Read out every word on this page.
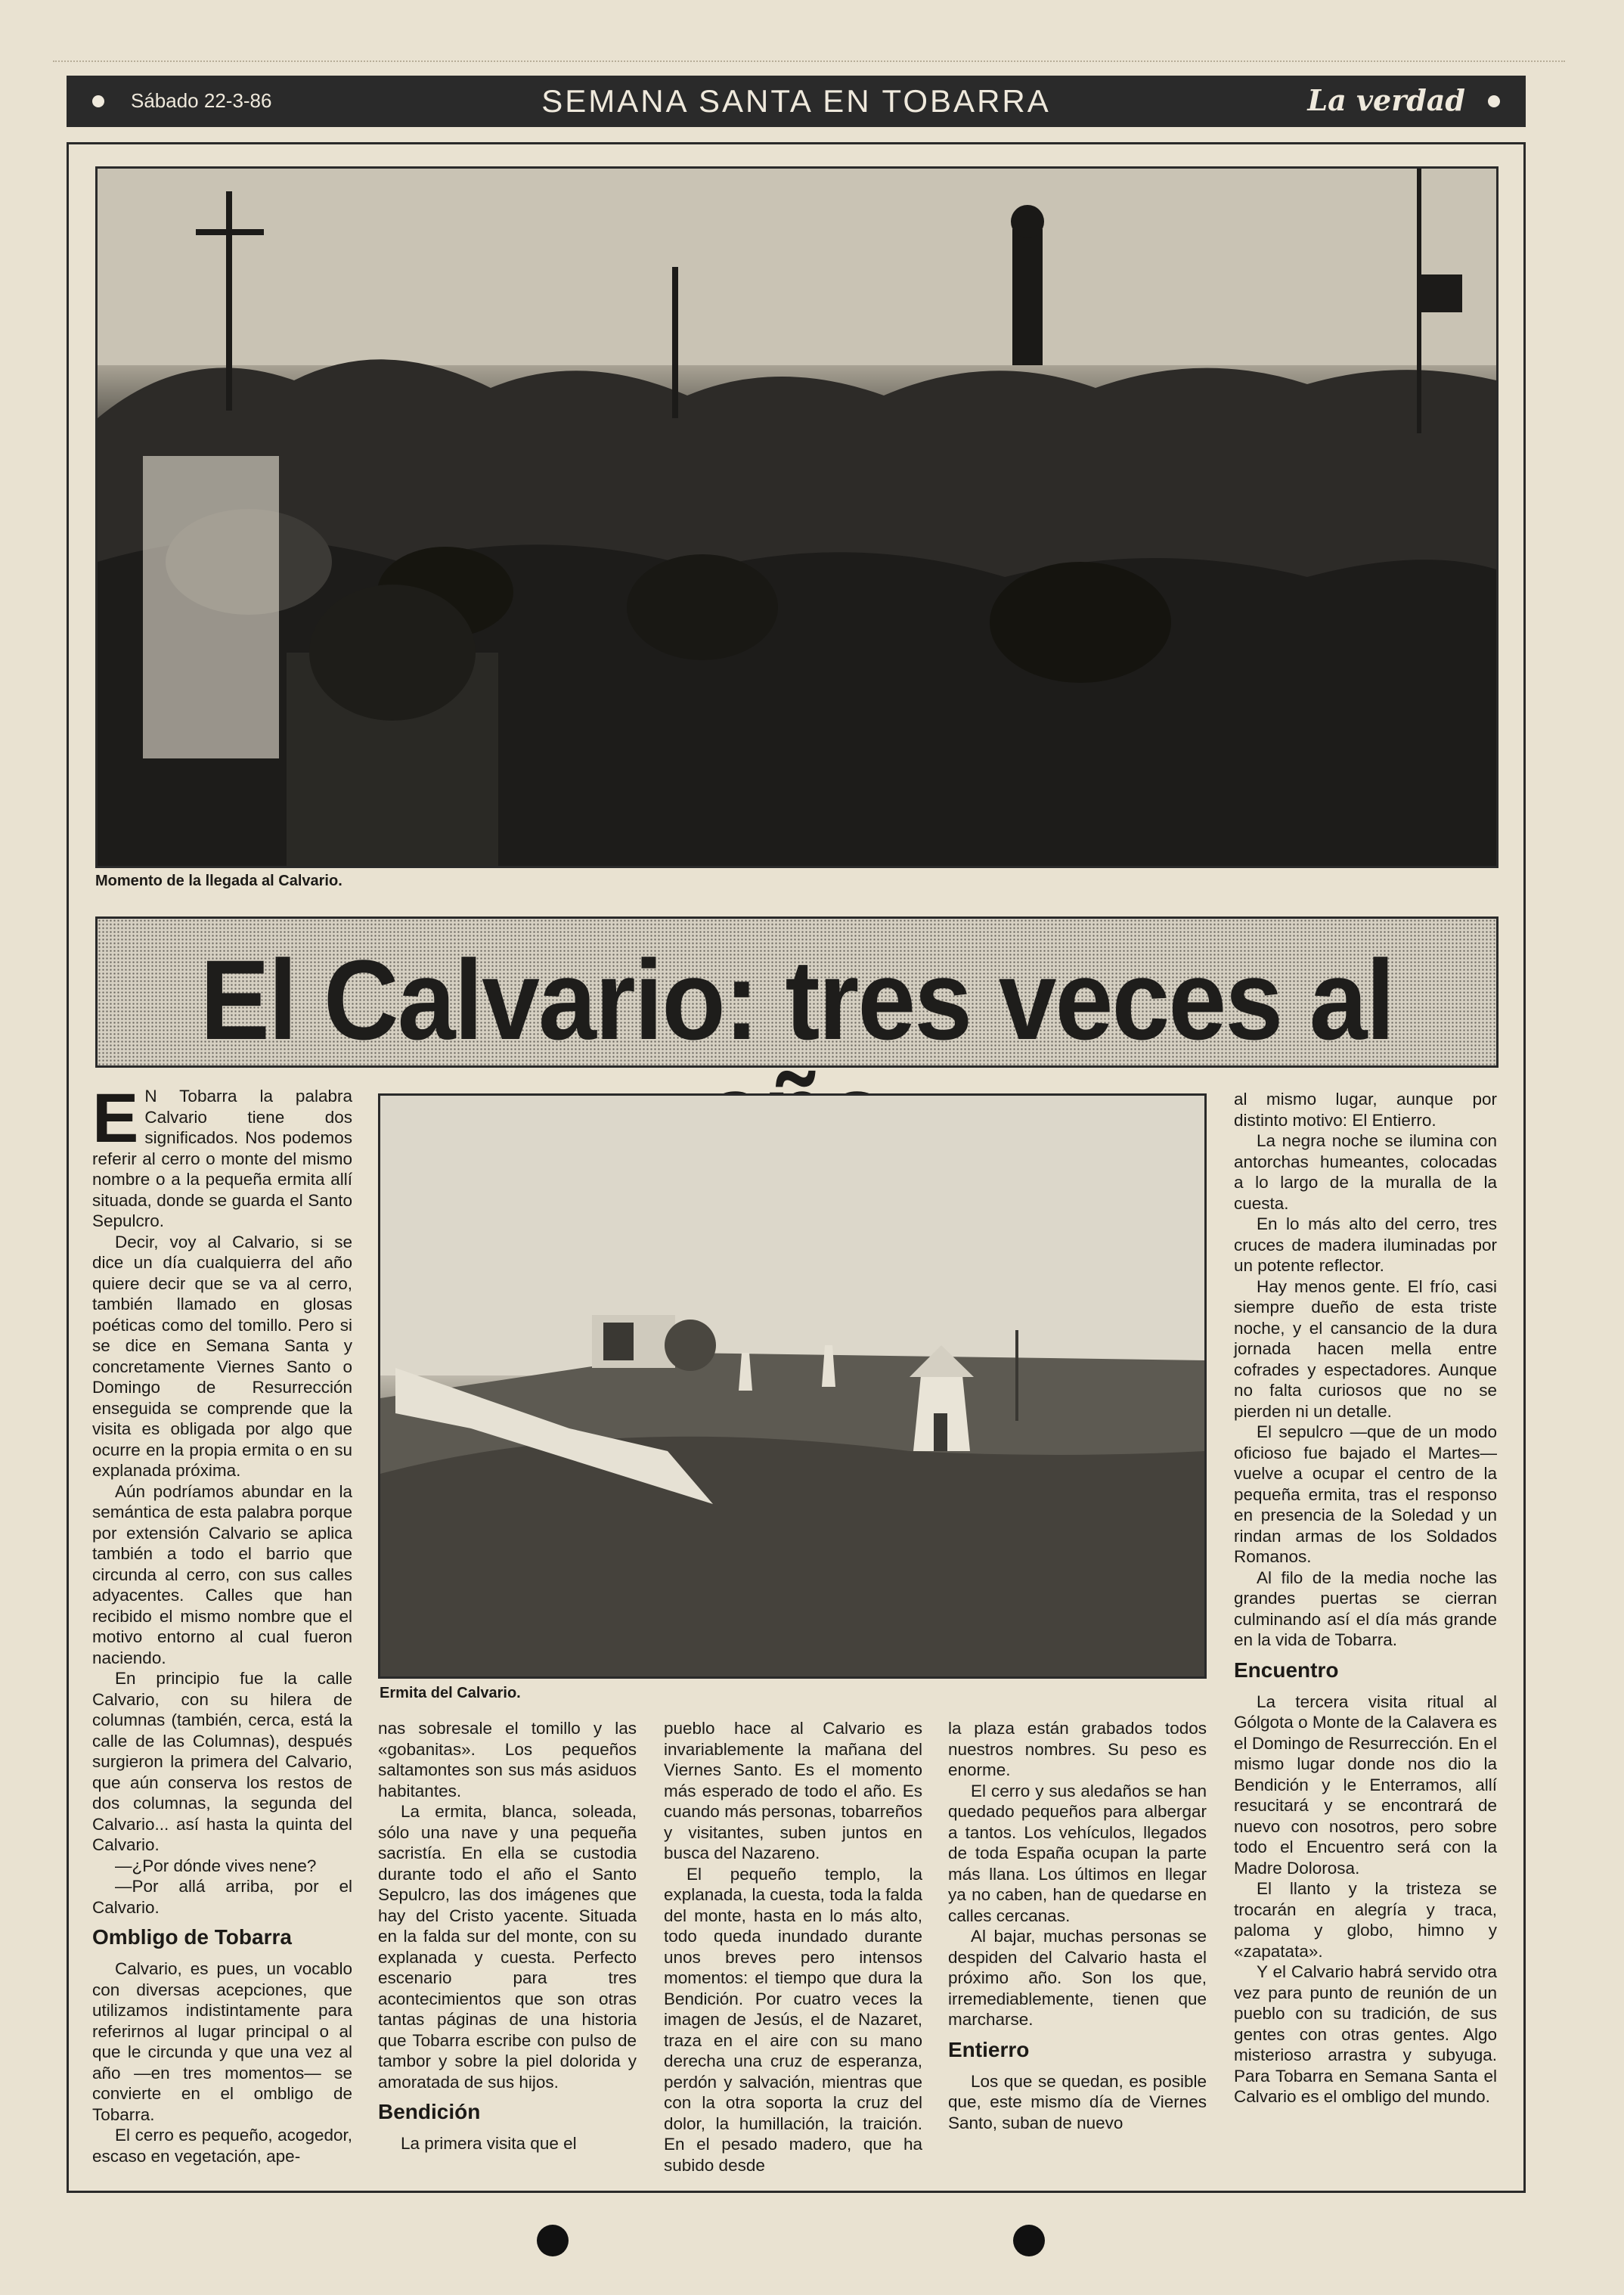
Sábado 22-3-86	SEMANA SANTA EN TOBARRA	La verdad
Momento de la llegada al Calvario.
El Calvario: tres veces al
Ermita del Calvario.

E N Tobarra la palabra Calvario tiene dos significados. Nos podemos referir al cerro o monte del mismo nombre o a la pequeña ermita allí situada, donde se guarda el Santo Sepulcro.

Decir, voy al Calvario, si se dice un día cualquierra del año quiere decir que se va al cerro, también llamado en glosas poéticas como del tomillo. Pero si se dice en Semana Santa y concretamente Viernes Santo o Domingo de Resurrección enseguida se comprende que la visita es obligada por algo que ocurre en la propia ermita o en su explanada próxima.

Aún podríamos abundar en la semántica de esta palabra porque por extensión Calvario se aplica también a todo el barrio que circunda al cerro, con sus calles adyacentes. Calles que han recibido el mismo nombre que el motivo entorno al cual fueron naciendo.

En principio fue la calle Calvario, con su hilera de columnas (también, cerca, está la calle de las Columnas), después surgieron la primera del Calvario, que aún conserva los restos de dos columnas, la segunda del Calvario... así hasta la quinta del Calvario.

—¿Por dónde vives nene?

—Por allá arriba, por el Calvario.

Ombligo de Tobarra

Calvario, es pues, un vocablo con diversas acepciones, que utilizamos indistintamente para referirnos al lugar principal o al que le circunda y que una vez al año —en tres momentos— se convierte en el ombligo de Tobarra.

El cerro es pequeño, acogedor, escaso en vegetación, ape-

nas sobresale el tomillo y las «gobanitas». Los pequeños saltamontes son sus más asiduos habitantes.

La ermita, blanca, soleada, sólo una nave y una pequeña sacristía. En ella se custodia durante todo el año el Santo Sepulcro, las dos imágenes que hay del Cristo yacente. Situada en la falda sur del monte, con su explanada y cuesta. Perfecto escenario para tres acontecimientos que son otras tantas páginas de una historia que Tobarra escribe con pulso de tambor y sobre la piel dolorida y amoratada de sus hijos.

Bendición

La primera visita que el

pueblo hace al Calvario es invariablemente la mañana del Viernes Santo. Es el momento más esperado de todo el año. Es cuando más personas, tobarreños y visitantes, suben juntos en busca del Nazareno.

El pequeño templo, la explanada, la cuesta, toda la falda del monte, hasta en lo más alto, todo queda inundado durante unos breves pero intensos momentos: el tiempo que dura la Bendición. Por cuatro veces la imagen de Jesús, el de Nazaret, traza en el aire con su mano derecha una cruz de esperanza, perdón y salvación, mientras que con la otra soporta la cruz del dolor, la humillación, la traición. En el pesado madero, que ha subido desde

la plaza están grabados todos nuestros nombres. Su peso es enorme.

El cerro y sus aledaños se han quedado pequeños para albergar a tantos. Los vehículos, llegados de toda España ocupan la parte más llana. Los últimos en llegar ya no caben, han de quedarse en calles cercanas.

Al bajar, muchas personas se despiden del Calvario hasta el próximo año. Son los que, irremediablemente, tienen que marcharse.

Entierro

Los que se quedan, es posible que, este mismo día de Viernes Santo, suban de nuevo

al mismo lugar, aunque por distinto motivo: El Entierro.

La negra noche se ilumina con antorchas humeantes, colocadas a lo largo de la muralla de la cuesta.

En lo más alto del cerro, tres cruces de madera iluminadas por un potente reflector.

Hay menos gente. El frío, casi siempre dueño de esta triste noche, y el cansancio de la dura jornada hacen mella entre cofrades y espectadores. Aunque no falta curiosos que no se pierden ni un detalle.

El sepulcro —que de un modo oficioso fue bajado el Martes— vuelve a ocupar el centro de la pequeña ermita, tras el responso en presencia de la Soledad y un rindan armas de los Soldados Romanos.

Al filo de la media noche las grandes puertas se cierran culminando así el día más grande en la vida de Tobarra.

Encuentro

La tercera visita ritual al Gólgota o Monte de la Calavera es el Domingo de Resurrección. En el mismo lugar donde nos dio la Bendición y le Enterramos, allí resucitará y se encontrará de nuevo con nosotros, pero sobre todo el Encuentro será con la Madre Dolorosa.

El llanto y la tristeza se trocarán en alegría y traca, paloma y globo, himno y «zapatata».

Y el Calvario habrá servido otra vez para punto de reunión de un pueblo con su tradición, de sus gentes con otras gentes. Algo misterioso arrastra y subyuga. Para Tobarra en Semana Santa el Calvario es el ombligo del mundo.
